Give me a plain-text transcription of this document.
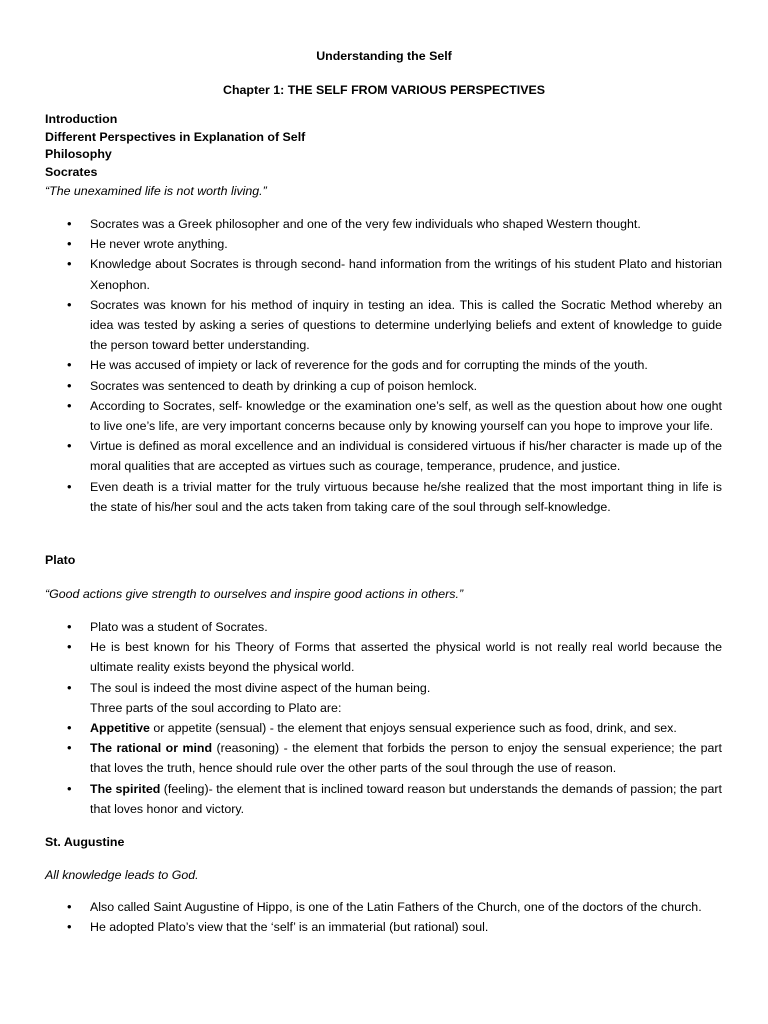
Understanding the Self
Chapter 1: THE SELF FROM VARIOUS PERSPECTIVES
Introduction
Different Perspectives in Explanation of Self
Philosophy
Socrates
“The unexamined life is not worth living.”
• Socrates was a Greek philosopher and one of the very few individuals who shaped Western thought.
• He never wrote anything.
• Knowledge about Socrates is through second- hand information from the writings of his student Plato and historian Xenophon.
• Socrates was known for his method of inquiry in testing an idea. This is called the Socratic Method whereby an idea was tested by asking a series of questions to determine underlying beliefs and extent of knowledge to guide the person toward better understanding.
• He was accused of impiety or lack of reverence for the gods and for corrupting the minds of the youth.
• Socrates was sentenced to death by drinking a cup of poison hemlock.
• According to Socrates, self- knowledge or the examination one’s self, as well as the question about how one ought to live one’s life, are very important concerns because only by knowing yourself can you hope to improve your life.
• Virtue is defined as moral excellence and an individual is considered virtuous if his/her character is made up of the moral qualities that are accepted as virtues such as courage, temperance, prudence, and justice.
• Even death is a trivial matter for the truly virtuous because he/she realized that the most important thing in life is the state of his/her soul and the acts taken from taking care of the soul through self-knowledge.
Plato
“Good actions give strength to ourselves and inspire good actions in others.”
• Plato was a student of Socrates.
• He is best known for his Theory of Forms that asserted the physical world is not really real world because the ultimate reality exists beyond the physical world.
• The soul is indeed the most divine aspect of the human being.
Three parts of the soul according to Plato are:
• Appetitive or appetite (sensual) - the element that enjoys sensual experience such as food, drink, and sex.
• The rational or mind (reasoning) - the element that forbids the person to enjoy the sensual experience; the part that loves the truth, hence should rule over the other parts of the soul through the use of reason.
• The spirited (feeling)- the element that is inclined toward reason but understands the demands of passion; the part that loves honor and victory.
St. Augustine
All knowledge leads to God.
• Also called Saint Augustine of Hippo, is one of the Latin Fathers of the Church, one of the doctors of the church.
• He adopted Plato’s view that the ‘self’ is an immaterial (but rational) soul.
